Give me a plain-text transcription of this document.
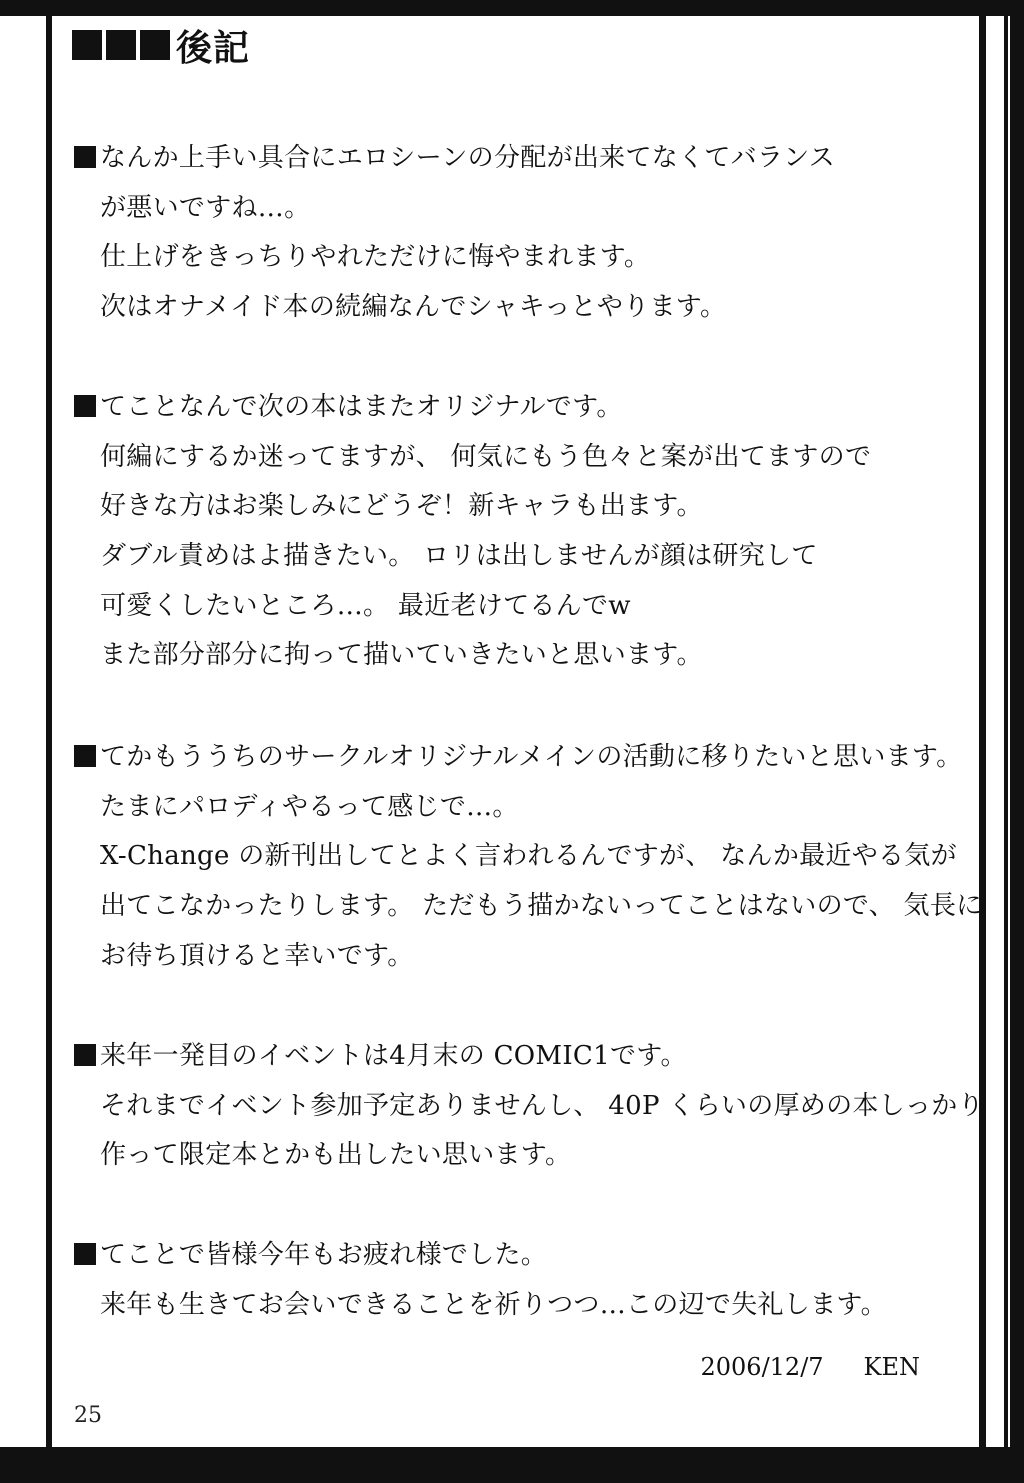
後記
なんか上手い具合にエロシーンの分配が出来てなくてバランス
が悪いですね…。
仕上げをきっちりやれただけに悔やまれます。
次はオナメイド本の続編なんでシャキっとやります。
てことなんで次の本はまたオリジナルです。
何編にするか迷ってますが、 何気にもう色々と案が出てますので
好きな方はお楽しみにどうぞ！新キャラも出ます。
ダブル責めはよ描きたい。 ロリは出しませんが顔は研究して
可愛くしたいところ…。 最近老けてるんでw
また部分部分に拘って描いていきたいと思います。
てかもううちのサークルオリジナルメインの活動に移りたいと思います。
たまにパロディやるって感じで…。
X-Change の新刊出してとよく言われるんですが、 なんか最近やる気が
出てこなかったりします。 ただもう描かないってことはないので、 気長に
お待ち頂けると幸いです。
来年一発目のイベントは4月末の COMIC1です。
それまでイベント参加予定ありませんし、 40P くらいの厚めの本しっかり
作って限定本とかも出したい思います。
てことで皆様今年もお疲れ様でした。
来年も生きてお会いできることを祈りつつ…この辺で失礼します。
2006/12/7 KEN
25
